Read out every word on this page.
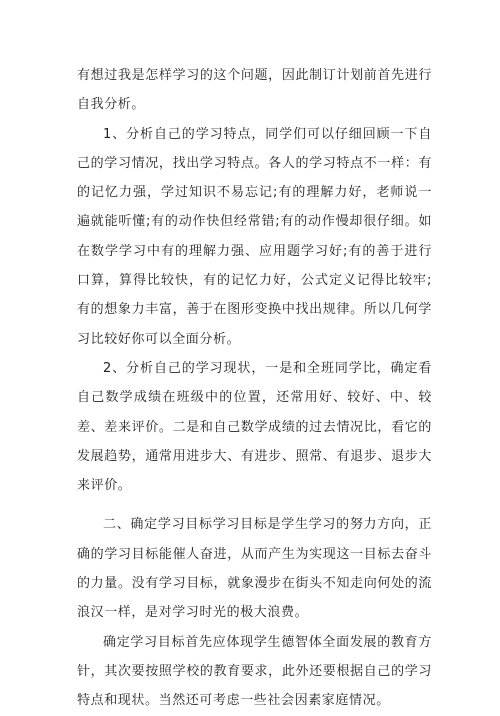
有想过我是怎样学习的这个问题，因此制订计划前首先进行自我分析。

1、分析自己的学习特点，同学们可以仔细回顾一下自己的学习情况，找出学习特点。各人的学习特点不一样：有的记忆力强，学过知识不易忘记;有的理解力好，老师说一遍就能听懂;有的动作快但经常错;有的动作慢却很仔细。如在数学学习中有的理解力强、应用题学习好;有的善于进行口算，算得比较快，有的记忆力好，公式定义记得比较牢;有的想象力丰富，善于在图形变换中找出规律。所以几何学习比较好你可以全面分析。

2、分析自己的学习现状，一是和全班同学比，确定看自己数学成绩在班级中的位置，还常用好、较好、中、较差、差来评价。二是和自己数学成绩的过去情况比，看它的发展趋势，通常用进步大、有进步、照常、有退步、退步大来评价。

二、确定学习目标学习目标是学生学习的努力方向，正确的学习目标能催人奋进，从而产生为实现这一目标去奋斗的力量。没有学习目标，就象漫步在街头不知走向何处的流浪汉一样，是对学习时光的极大浪费。

确定学习目标首先应体现学生德智体全面发展的教育方针，其次要按照学校的教育要求，此外还要根据自己的学习特点和现状。当然还可考虑一些社会因素家庭情况。
